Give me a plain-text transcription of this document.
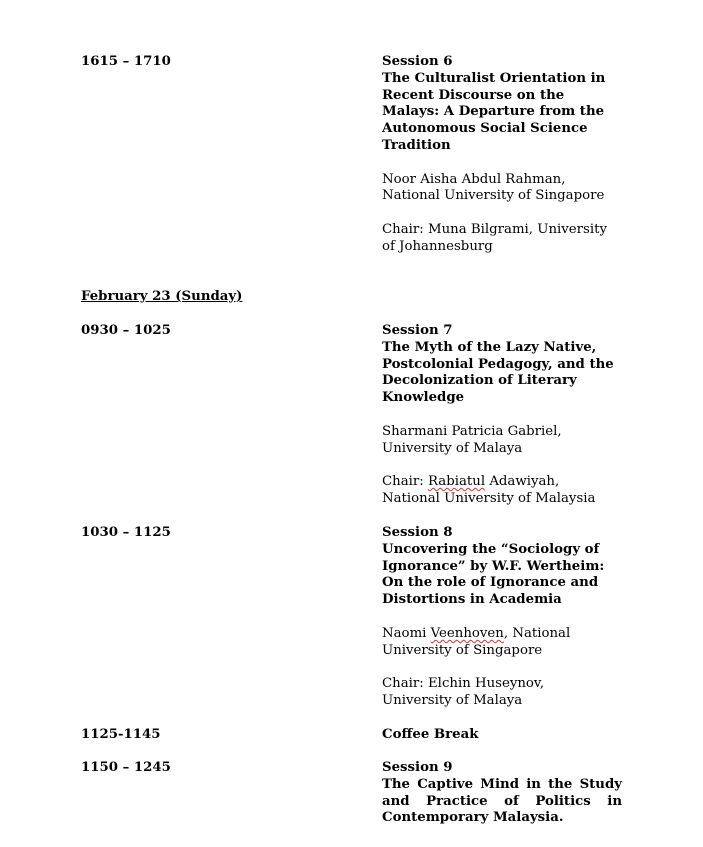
1615 – 1710	Session 6
The Culturalist Orientation in
Recent Discourse on the
Malays: A Departure from the
Autonomous Social Science
Tradition
Noor Aisha Abdul Rahman,
National University of Singapore
Chair: Muna Bilgrami, University
of Johannesburg
February 23 (Sunday)
0930 – 1025	Session 7
The Myth of the Lazy Native,
Postcolonial Pedagogy, and the
Decolonization of Literary
Knowledge
Sharmani Patricia Gabriel,
University of Malaya
Chair: Rabiatul Adawiyah,
National University of Malaysia
1030 – 1125	Session 8
Uncovering the “Sociology of
Ignorance” by W.F. Wertheim:
On the role of Ignorance and
Distortions in Academia
Naomi Veenhoven, National
University of Singapore
Chair: Elchin Huseynov,
University of Malaya
1125-1145	Coffee Break
1150 – 1245	Session 9
The Captive Mind in the Study
and Practice of Politics in
Contemporary Malaysia.
